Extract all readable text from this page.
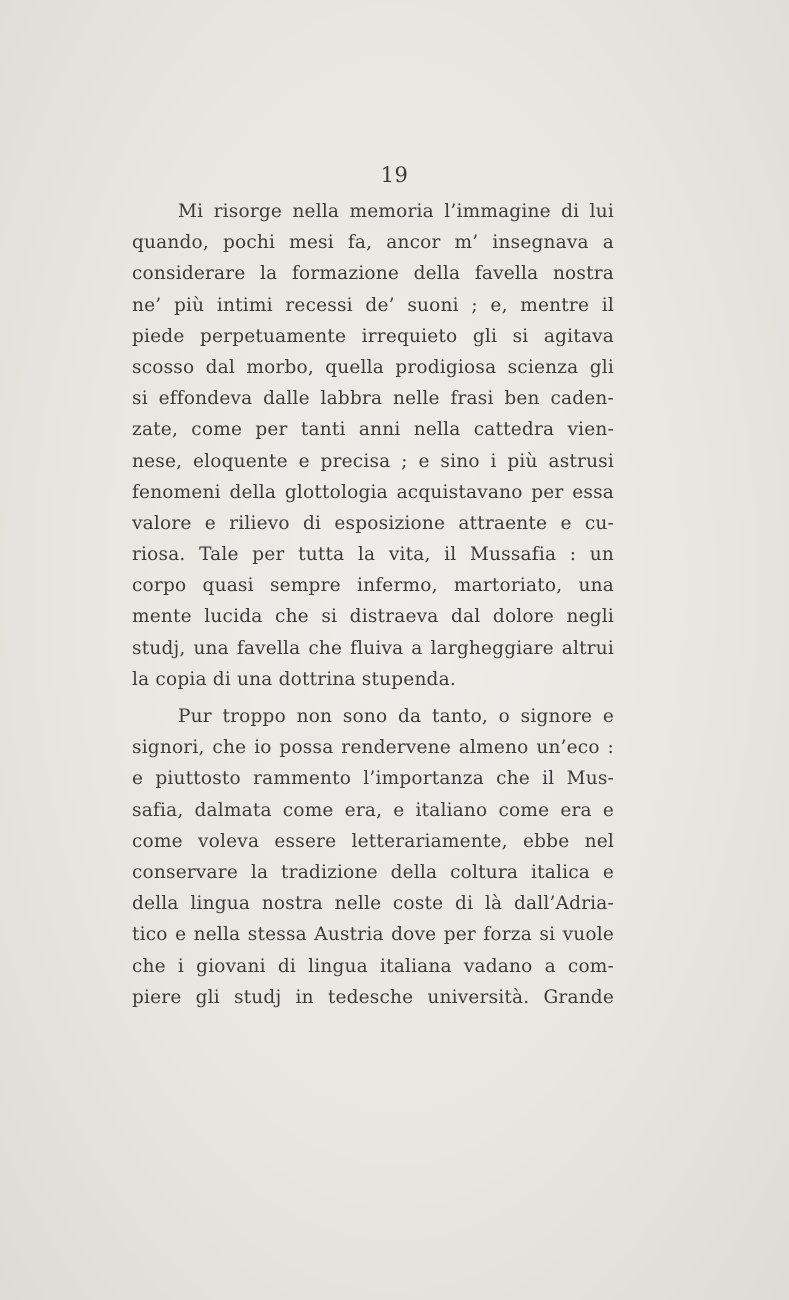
19
Mi risorge nella memoria l’immagine di lui
quando, pochi mesi fa, ancor m’ insegnava a
considerare la formazione della favella nostra
ne’ più intimi recessi de’ suoni ; e, mentre il
piede perpetuamente irrequieto gli si agitava
scosso dal morbo, quella prodigiosa scienza gli
si effondeva dalle labbra nelle frasi ben caden-
zate, come per tanti anni nella cattedra vien-
nese, eloquente e precisa ; e sino i più astrusi
fenomeni della glottologia acquistavano per essa
valore e rilievo di esposizione attraente e cu-
riosa. Tale per tutta la vita, il Mussafia : un
corpo quasi sempre infermo, martoriato, una
mente lucida che si distraeva dal dolore negli
studj, una favella che fluiva a largheggiare altrui
la copia di una dottrina stupenda.
Pur troppo non sono da tanto, o signore e
signori, che io possa rendervene almeno un’eco :
e piuttosto rammento l’importanza che il Mus-
safia, dalmata come era, e italiano come era e
come voleva essere letterariamente, ebbe nel
conservare la tradizione della coltura italica e
della lingua nostra nelle coste di là dall’Adria-
tico e nella stessa Austria dove per forza si vuole
che i giovani di lingua italiana vadano a com-
piere gli studj in tedesche università. Grande
